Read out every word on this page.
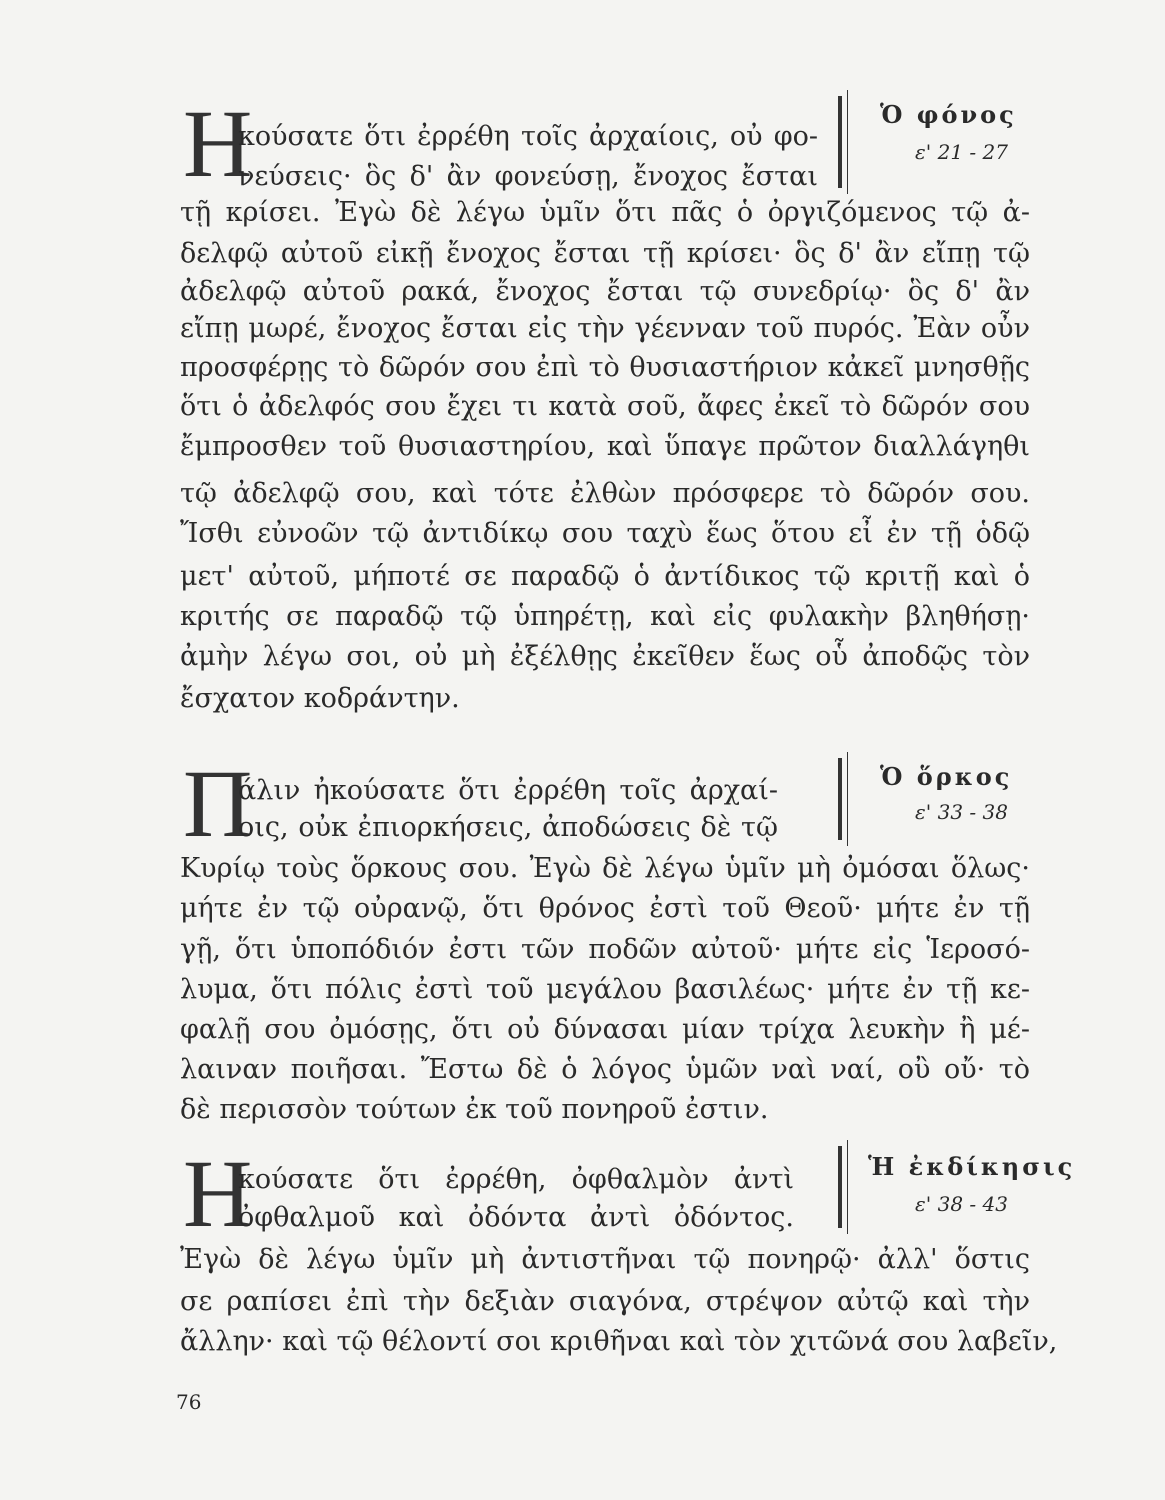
Η	Ὁ φόνος
ε' 21 - 27
κούσατε ὅτι ἐρρέθη τοῖς ἀρχαίοις, οὐ φο-
νεύσεις· ὃς δ' ἂν φονεύσῃ, ἔνοχος ἔσται
τῇ κρίσει. Ἐγὼ δὲ λέγω ὑμῖν ὅτι πᾶς ὁ ὀργιζόμενος τῷ ἀ-
δελφῷ αὐτοῦ εἰκῇ ἔνοχος ἔσται τῇ κρίσει· ὃς δ' ἂν εἴπῃ τῷ
ἀδελφῷ αὐτοῦ ρακά, ἔνοχος ἔσται τῷ συνεδρίῳ· ὃς δ' ἂν
εἴπῃ μωρέ, ἔνοχος ἔσται εἰς τὴν γέενναν τοῦ πυρός. Ἐὰν οὖν
προσφέρῃς τὸ δῶρόν σου ἐπὶ τὸ θυσιαστήριον κἀκεῖ μνησθῇς
ὅτι ὁ ἀδελφός σου ἔχει τι κατὰ σοῦ, ἄφες ἐκεῖ τὸ δῶρόν σου
ἔμπροσθεν τοῦ θυσιαστηρίου, καὶ ὕπαγε πρῶτον διαλλάγηθι
τῷ ἀδελφῷ σου, καὶ τότε ἐλθὼν πρόσφερε τὸ δῶρόν σου.
Ἴσθι εὐνοῶν τῷ ἀντιδίκῳ σου ταχὺ ἕως ὅτου εἶ ἐν τῇ ὁδῷ
μετ' αὐτοῦ, μήποτέ σε παραδῷ ὁ ἀντίδικος τῷ κριτῇ καὶ ὁ
κριτής σε παραδῷ τῷ ὑπηρέτῃ, καὶ εἰς φυλακὴν βληθήσῃ·
ἀμὴν λέγω σοι, οὐ μὴ ἐξέλθῃς ἐκεῖθεν ἕως οὗ ἀποδῷς τὸν
ἔσχατον κοδράντην.
Π	Ὁ ὅρκος
ε' 33 - 38
άλιν ἠκούσατε ὅτι ἐρρέθη τοῖς ἀρχαί-
οις, οὐκ ἐπιορκήσεις, ἀποδώσεις δὲ τῷ
Κυρίῳ τοὺς ὅρκους σου. Ἐγὼ δὲ λέγω ὑμῖν μὴ ὀμόσαι ὅλως·
μήτε ἐν τῷ οὐρανῷ, ὅτι θρόνος ἐστὶ τοῦ Θεοῦ· μήτε ἐν τῇ
γῇ, ὅτι ὑποπόδιόν ἐστι τῶν ποδῶν αὐτοῦ· μήτε εἰς Ἱεροσό-
λυμα, ὅτι πόλις ἐστὶ τοῦ μεγάλου βασιλέως· μήτε ἐν τῇ κε-
φαλῇ σου ὀμόσῃς, ὅτι οὐ δύνασαι μίαν τρίχα λευκὴν ἢ μέ-
λαιναν ποιῆσαι. Ἔστω δὲ ὁ λόγος ὑμῶν ναὶ ναί, οὒ οὔ· τὸ
δὲ περισσὸν τούτων ἐκ τοῦ πονηροῦ ἐστιν.
Η	Ἡ ἐκδίκησις
ε' 38 - 43
κούσατε ὅτι ἐρρέθη, ὀφθαλμὸν ἀντὶ
ὀφθαλμοῦ καὶ ὀδόντα ἀντὶ ὀδόντος.
Ἐγὼ δὲ λέγω ὑμῖν μὴ ἀντιστῆναι τῷ πονηρῷ· ἀλλ' ὅστις
σε ραπίσει ἐπὶ τὴν δεξιὰν σιαγόνα, στρέψον αὐτῷ καὶ τὴν
ἄλλην· καὶ τῷ θέλοντί σοι κριθῆναι καὶ τὸν χιτῶνά σου λαβεῖν,
76
